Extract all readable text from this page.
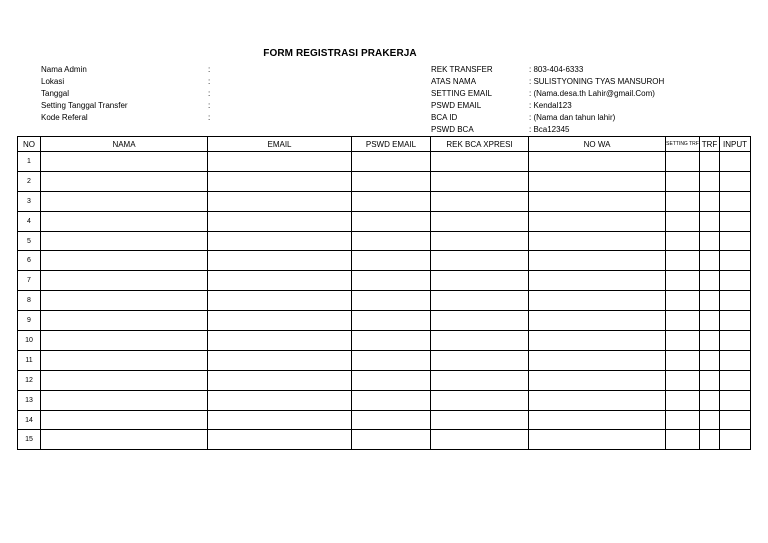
FORM REGISTRASI PRAKERJA
Nama Admin	:
Lokasi	:
Tanggal	:
Setting Tanggal Transfer	:
Kode Referal	:
REK TRANSFER	: 803-404-6333
ATAS NAMA	: SULISTYONING TYAS MANSUROH
SETTING EMAIL	: (Nama.desa.th Lahir@gmail.Com)
PSWD EMAIL	: Kendal123
BCA ID	: (Nama dan tahun lahir)
PSWD BCA	: Bca12345
NO	NAMA	EMAIL	PSWD EMAIL	REK BCA XPRESI	NO WA	SETTING TRF	TRF	INPUT
1								
2								
3								
4								
5								
6								
7								
8								
9								
10								
11								
12								
13								
14								
15								
